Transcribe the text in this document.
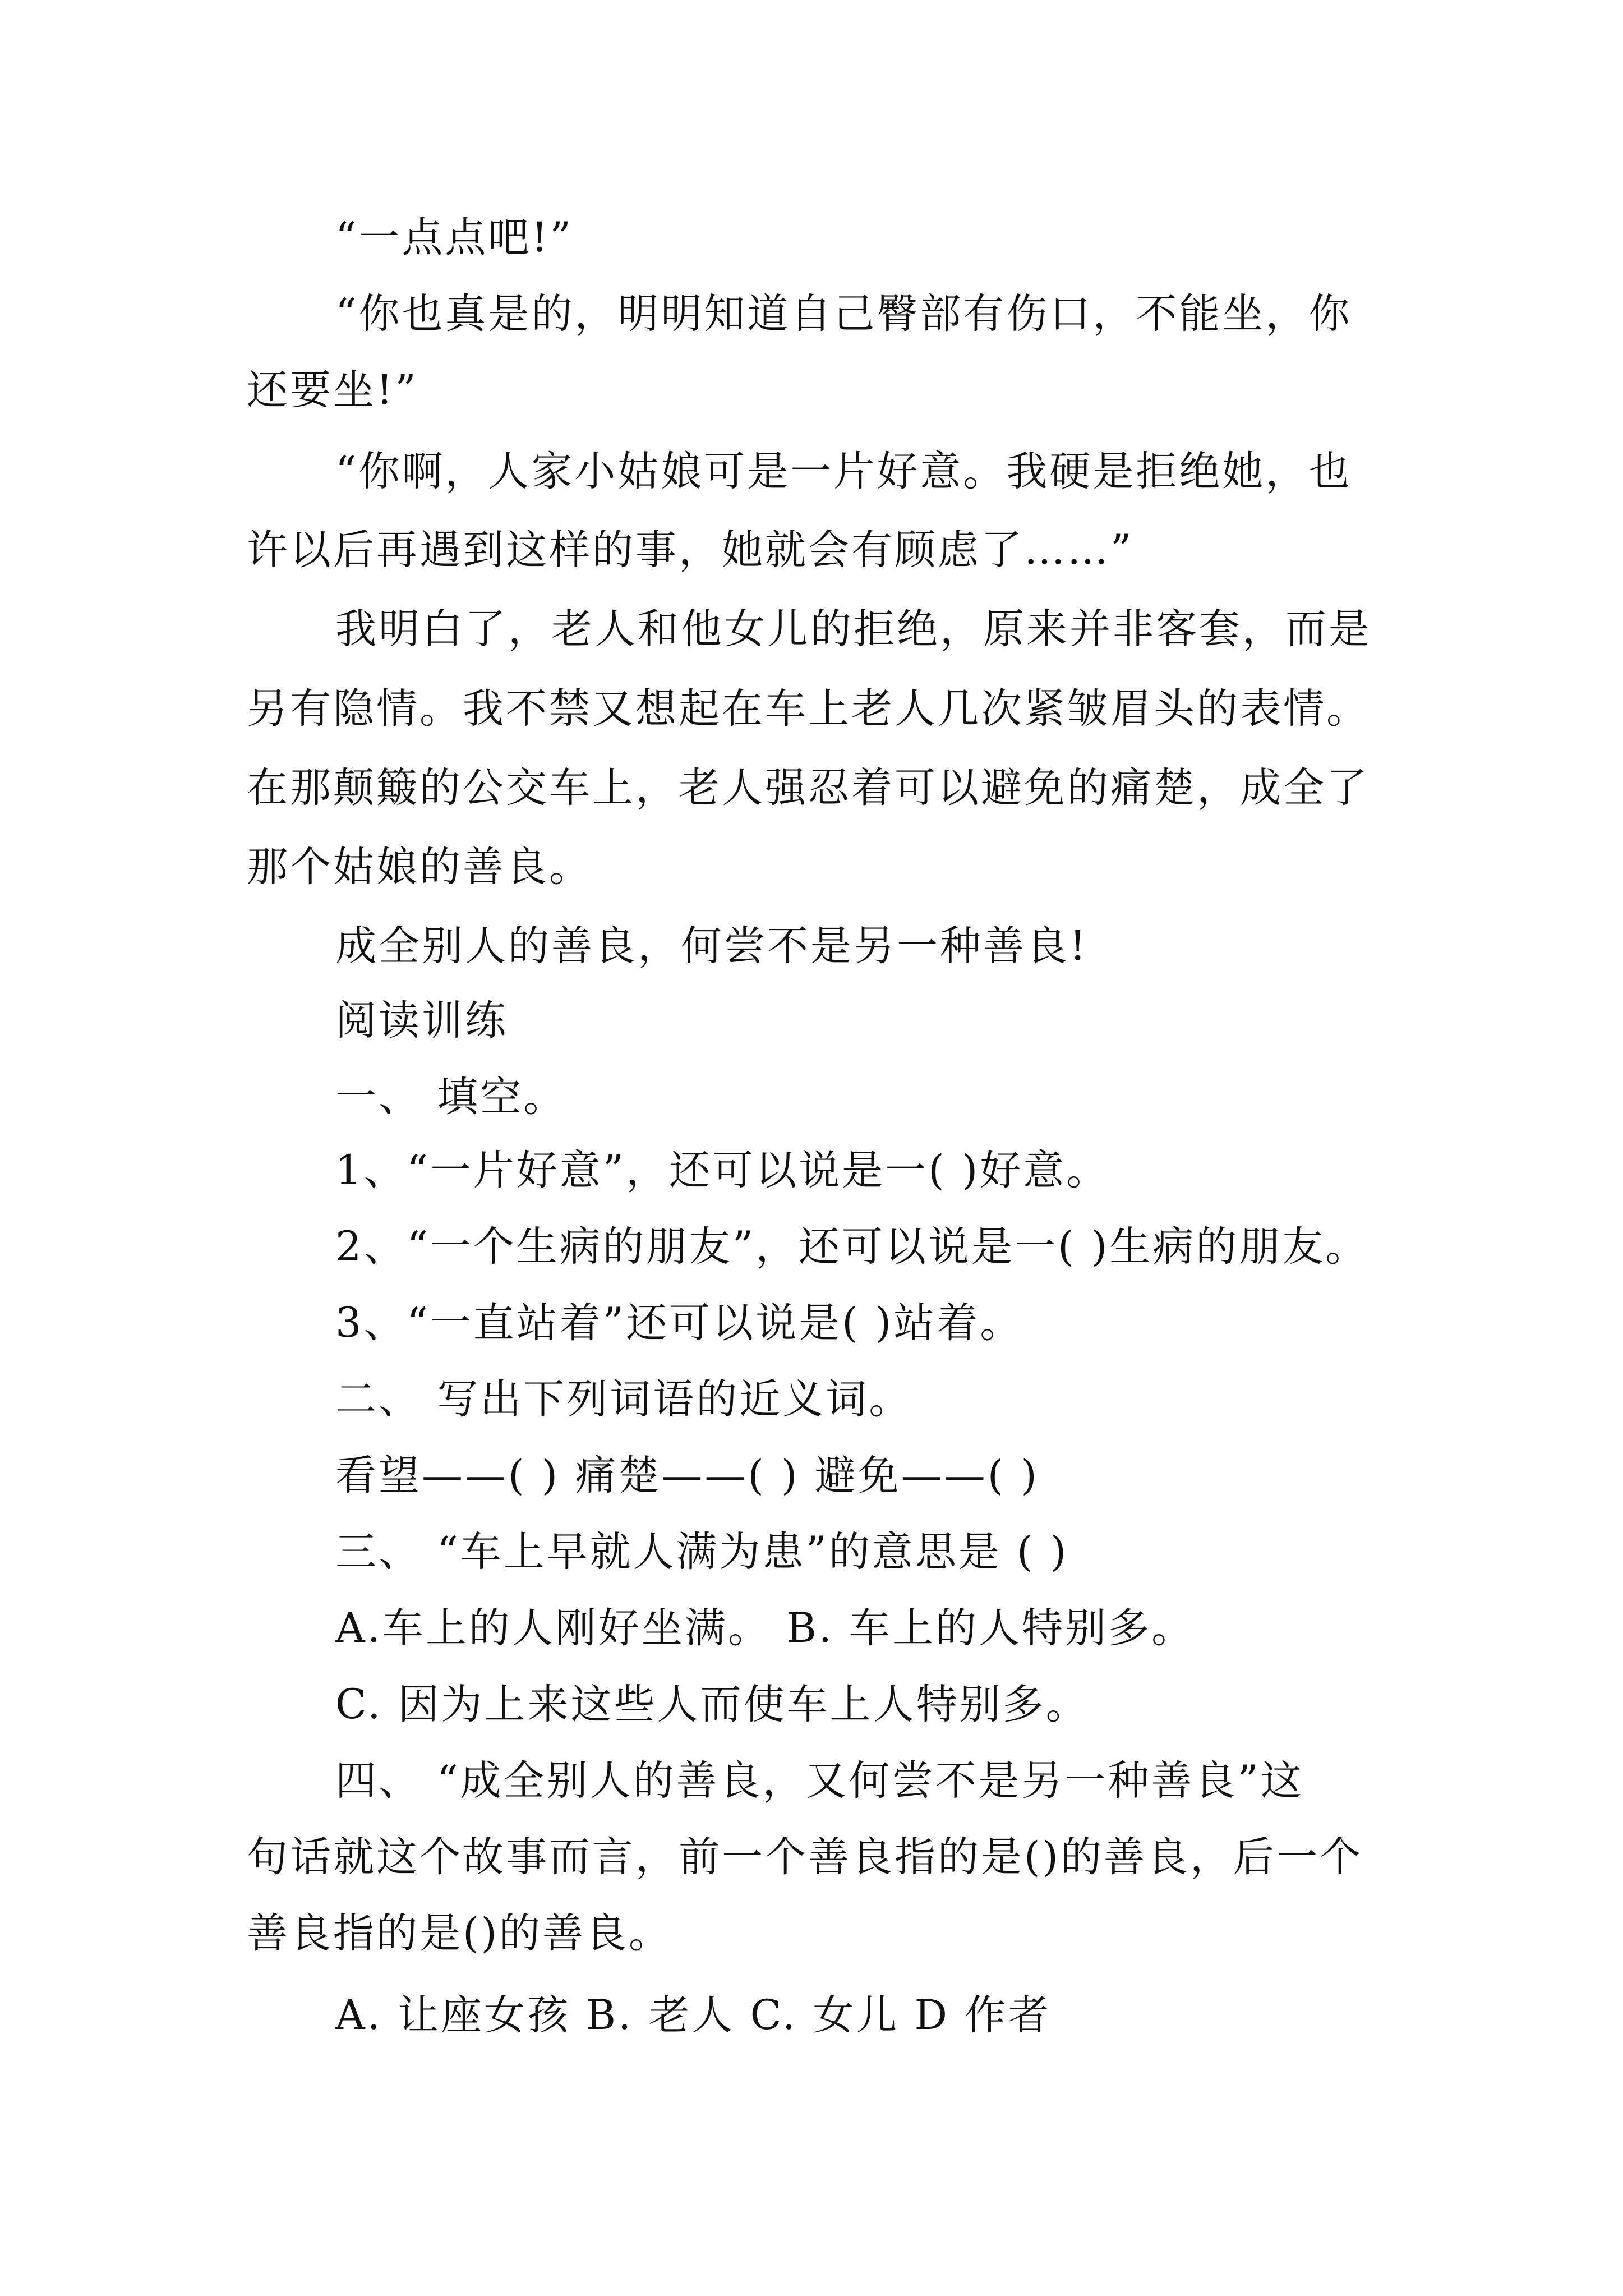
“一点点吧!”
“你也真是的，明明知道自己臀部有伤口，不能坐，你
还要坐!”
“你啊，人家小姑娘可是一片好意。我硬是拒绝她，也
许以后再遇到这样的事，她就会有顾虑了……”
我明白了，老人和他女儿的拒绝，原来并非客套，而是
另有隐情。我不禁又想起在车上老人几次紧皱眉头的表情。
在那颠簸的公交车上，老人强忍着可以避免的痛楚，成全了
那个姑娘的善良。
成全别人的善良，何尝不是另一种善良!
阅读训练
一、 填空。
1、“一片好意”，还可以说是一( )好意。
2、“一个生病的朋友”，还可以说是一( )生病的朋友。
3、“一直站着”还可以说是( )站着。
二、 写出下列词语的近义词。
看望——( ) 痛楚——( ) 避免——( )
三、 “车上早就人满为患”的意思是 ( )
A.车上的人刚好坐满。 B. 车上的人特别多。
C. 因为上来这些人而使车上人特别多。
四、 “成全别人的善良，又何尝不是另一种善良”这
句话就这个故事而言，前一个善良指的是()的善良，后一个
善良指的是()的善良。
A. 让座女孩 B. 老人 C. 女儿 D 作者
